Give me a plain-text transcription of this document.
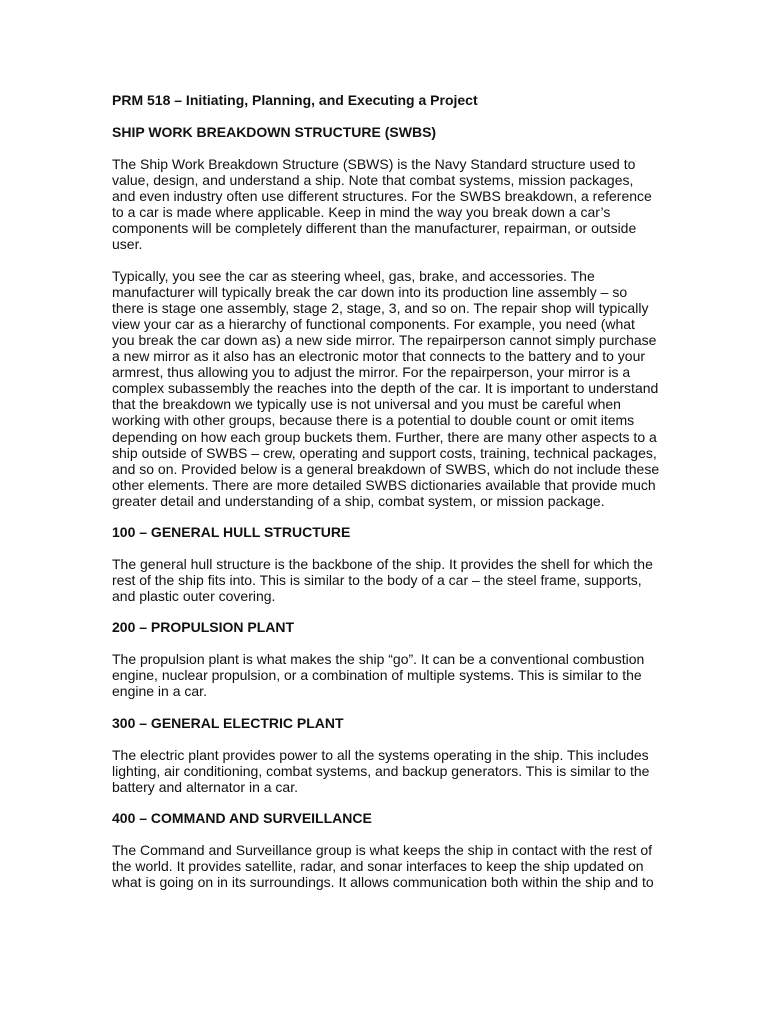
PRM 518 – Initiating, Planning, and Executing a Project
SHIP WORK BREAKDOWN STRUCTURE (SWBS)

The Ship Work Breakdown Structure (SBWS) is the Navy Standard structure used to value, design, and understand a ship. Note that combat systems, mission packages, and even industry often use different structures. For the SWBS breakdown, a reference to a car is made where applicable. Keep in mind the way you break down a car’s components will be completely different than the manufacturer, repairman, or outside user.

Typically, you see the car as steering wheel, gas, brake, and accessories. The manufacturer will typically break the car down into its production line assembly – so there is stage one assembly, stage 2, stage, 3, and so on. The repair shop will typically view your car as a hierarchy of functional components. For example, you need (what you break the car down as) a new side mirror. The repairperson cannot simply purchase a new mirror as it also has an electronic motor that connects to the battery and to your armrest, thus allowing you to adjust the mirror. For the repairperson, your mirror is a complex subassembly the reaches into the depth of the car. It is important to understand that the breakdown we typically use is not universal and you must be careful when working with other groups, because there is a potential to double count or omit items depending on how each group buckets them. Further, there are many other aspects to a ship outside of SWBS – crew, operating and support costs, training, technical packages, and so on. Provided below is a general breakdown of SWBS, which do not include these other elements. There are more detailed SWBS dictionaries available that provide much greater detail and understanding of a ship, combat system, or mission package.

100 – GENERAL HULL STRUCTURE

The general hull structure is the backbone of the ship. It provides the shell for which the rest of the ship fits into. This is similar to the body of a car – the steel frame, supports, and plastic outer covering.

200 – PROPULSION PLANT

The propulsion plant is what makes the ship “go”. It can be a conventional combustion engine, nuclear propulsion, or a combination of multiple systems. This is similar to the engine in a car.

300 – GENERAL ELECTRIC PLANT

The electric plant provides power to all the systems operating in the ship. This includes lighting, air conditioning, combat systems, and backup generators. This is similar to the battery and alternator in a car.

400 – COMMAND AND SURVEILLANCE

The Command and Surveillance group is what keeps the ship in contact with the rest of the world. It provides satellite, radar, and sonar interfaces to keep the ship updated on what is going on in its surroundings. It allows communication both within the ship and to
